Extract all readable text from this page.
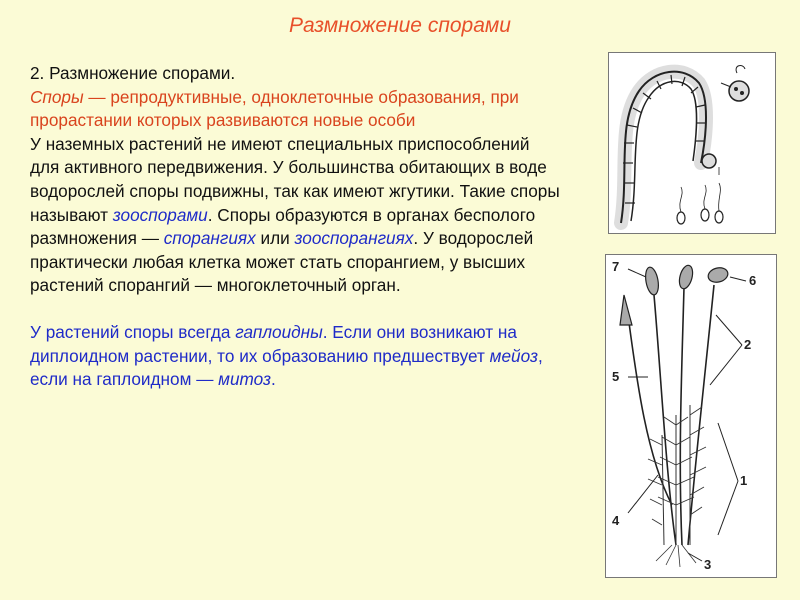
Размножение спорами

2. Размножение спорами.

Споры — репродуктивные, одноклеточные образования, при прорастании которых развиваются новые особи

У наземных растений не имеют специальных приспособлений для активного передвижения. У большинства обитающих в воде водорослей споры подвижны, так как имеют жгутики. Такие споры называют зооспорами. Споры образуются в органах бесполого размножения — спорангиях или зооспорангиях. У водорослей практически любая клетка может стать спорангием, у высших растений спорангий — многоклеточный орган.

У растений споры всегда гаплоидны. Если они возникают на диплоидном растении, то их образованию предшествует мейоз, если на гаплоидном — митоз.

7
6
2
5
1
4
3
